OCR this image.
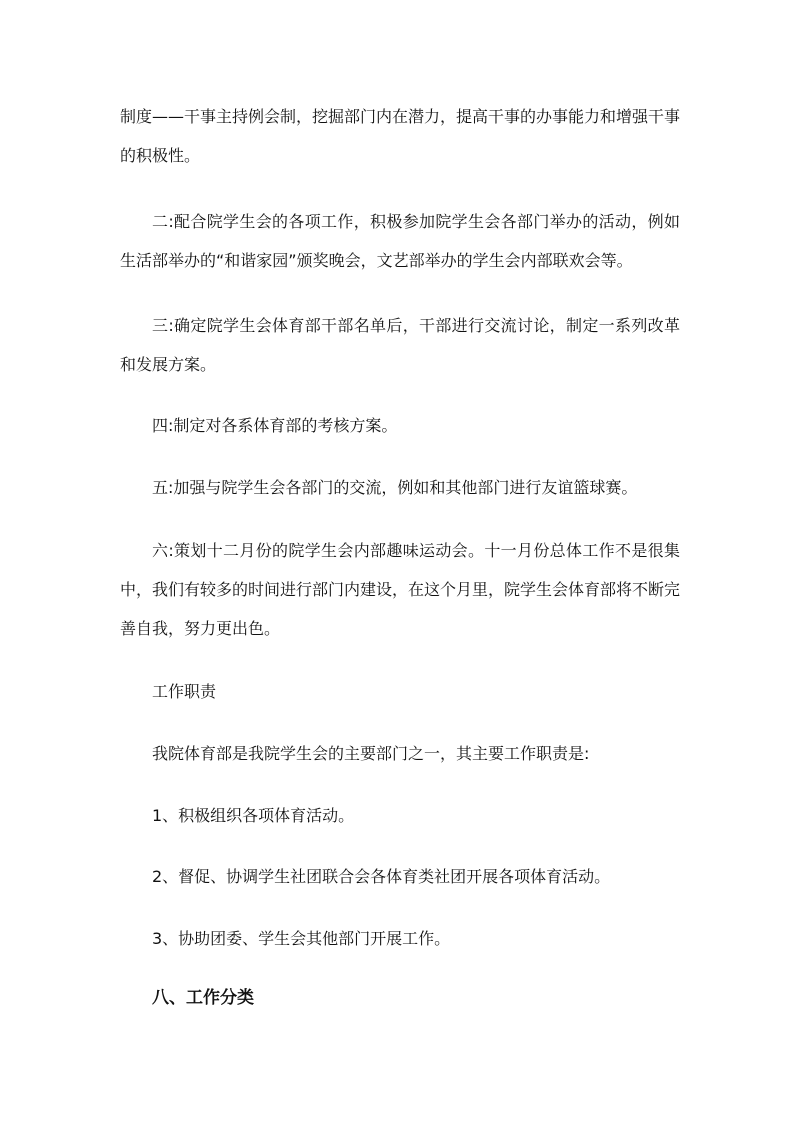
制度——干事主持例会制，挖掘部门内在潜力，提高干事的办事能力和增强干事的积极性。

二:配合院学生会的各项工作，积极参加院学生会各部门举办的活动，例如生活部举办的“和谐家园”颁奖晚会，文艺部举办的学生会内部联欢会等。

三:确定院学生会体育部干部名单后，干部进行交流讨论，制定一系列改革和发展方案。

四:制定对各系体育部的考核方案。

五:加强与院学生会各部门的交流，例如和其他部门进行友谊篮球赛。

六:策划十二月份的院学生会内部趣味运动会。十一月份总体工作不是很集中，我们有较多的时间进行部门内建设，在这个月里，院学生会体育部将不断完善自我，努力更出色。

工作职责

我院体育部是我院学生会的主要部门之一，其主要工作职责是:

1、积极组织各项体育活动。

2、督促、协调学生社团联合会各体育类社团开展各项体育活动。

3、协助团委、学生会其他部门开展工作。

八、工作分类
